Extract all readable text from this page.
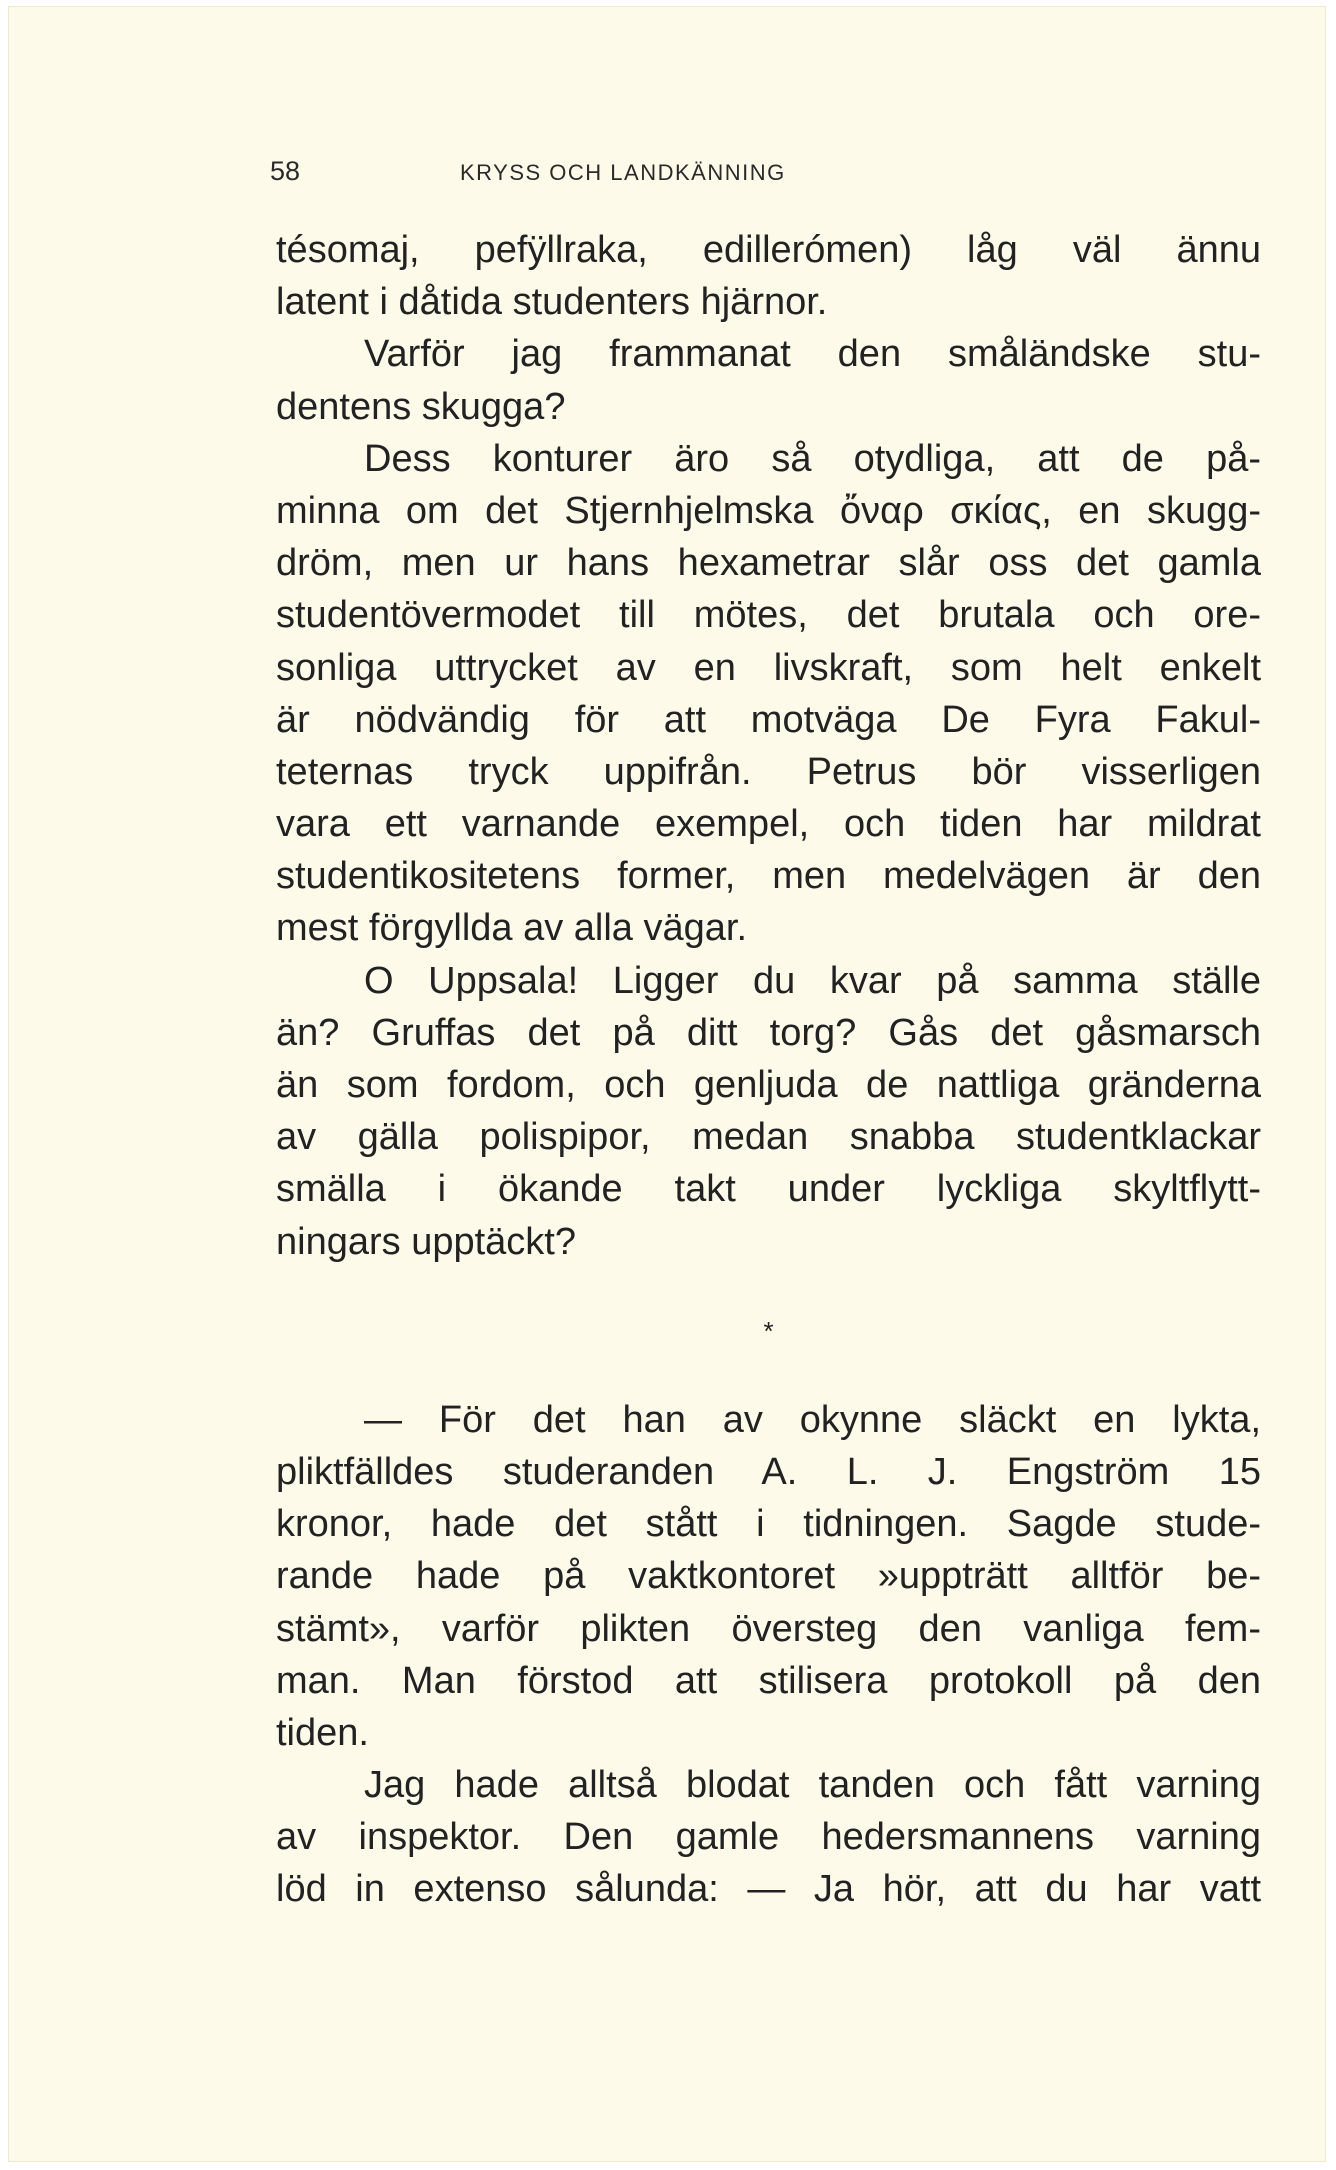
58	KRYSS OCH LANDKÄNNING
tésomaj, pefÿllraka, edillerómen) låg väl ännu
latent i dåtida studenters hjärnor.
Varför jag frammanat den småländske stu-
dentens skugga?
Dess konturer äro så otydliga, att de på-
minna om det Stjernhjelmska ὄναρ σκίας, en skugg-
dröm, men ur hans hexametrar slår oss det gamla
studentövermodet till mötes, det brutala och ore-
sonliga uttrycket av en livskraft, som helt enkelt
är nödvändig för att motväga De Fyra Fakul-
teternas tryck uppifrån. Petrus bör visserligen
vara ett varnande exempel, och tiden har mildrat
studentikositetens former, men medelvägen är den
mest förgyllda av alla vägar.
O Uppsala! Ligger du kvar på samma ställe
än? Gruffas det på ditt torg? Gås det gåsmarsch
än som fordom, och genljuda de nattliga gränderna
av gälla polispipor, medan snabba studentklackar
smälla i ökande takt under lyckliga skyltflytt-
ningars upptäckt?
*
— För det han av okynne släckt en lykta,
pliktfälldes studeranden A. L. J. Engström 15
kronor, hade det stått i tidningen. Sagde stude-
rande hade på vaktkontoret »uppträtt alltför be-
stämt», varför plikten översteg den vanliga fem-
man. Man förstod att stilisera protokoll på den
tiden.
Jag hade alltså blodat tanden och fått varning
av inspektor. Den gamle hedersmannens varning
löd in extenso sålunda: — Ja hör, att du har vatt
